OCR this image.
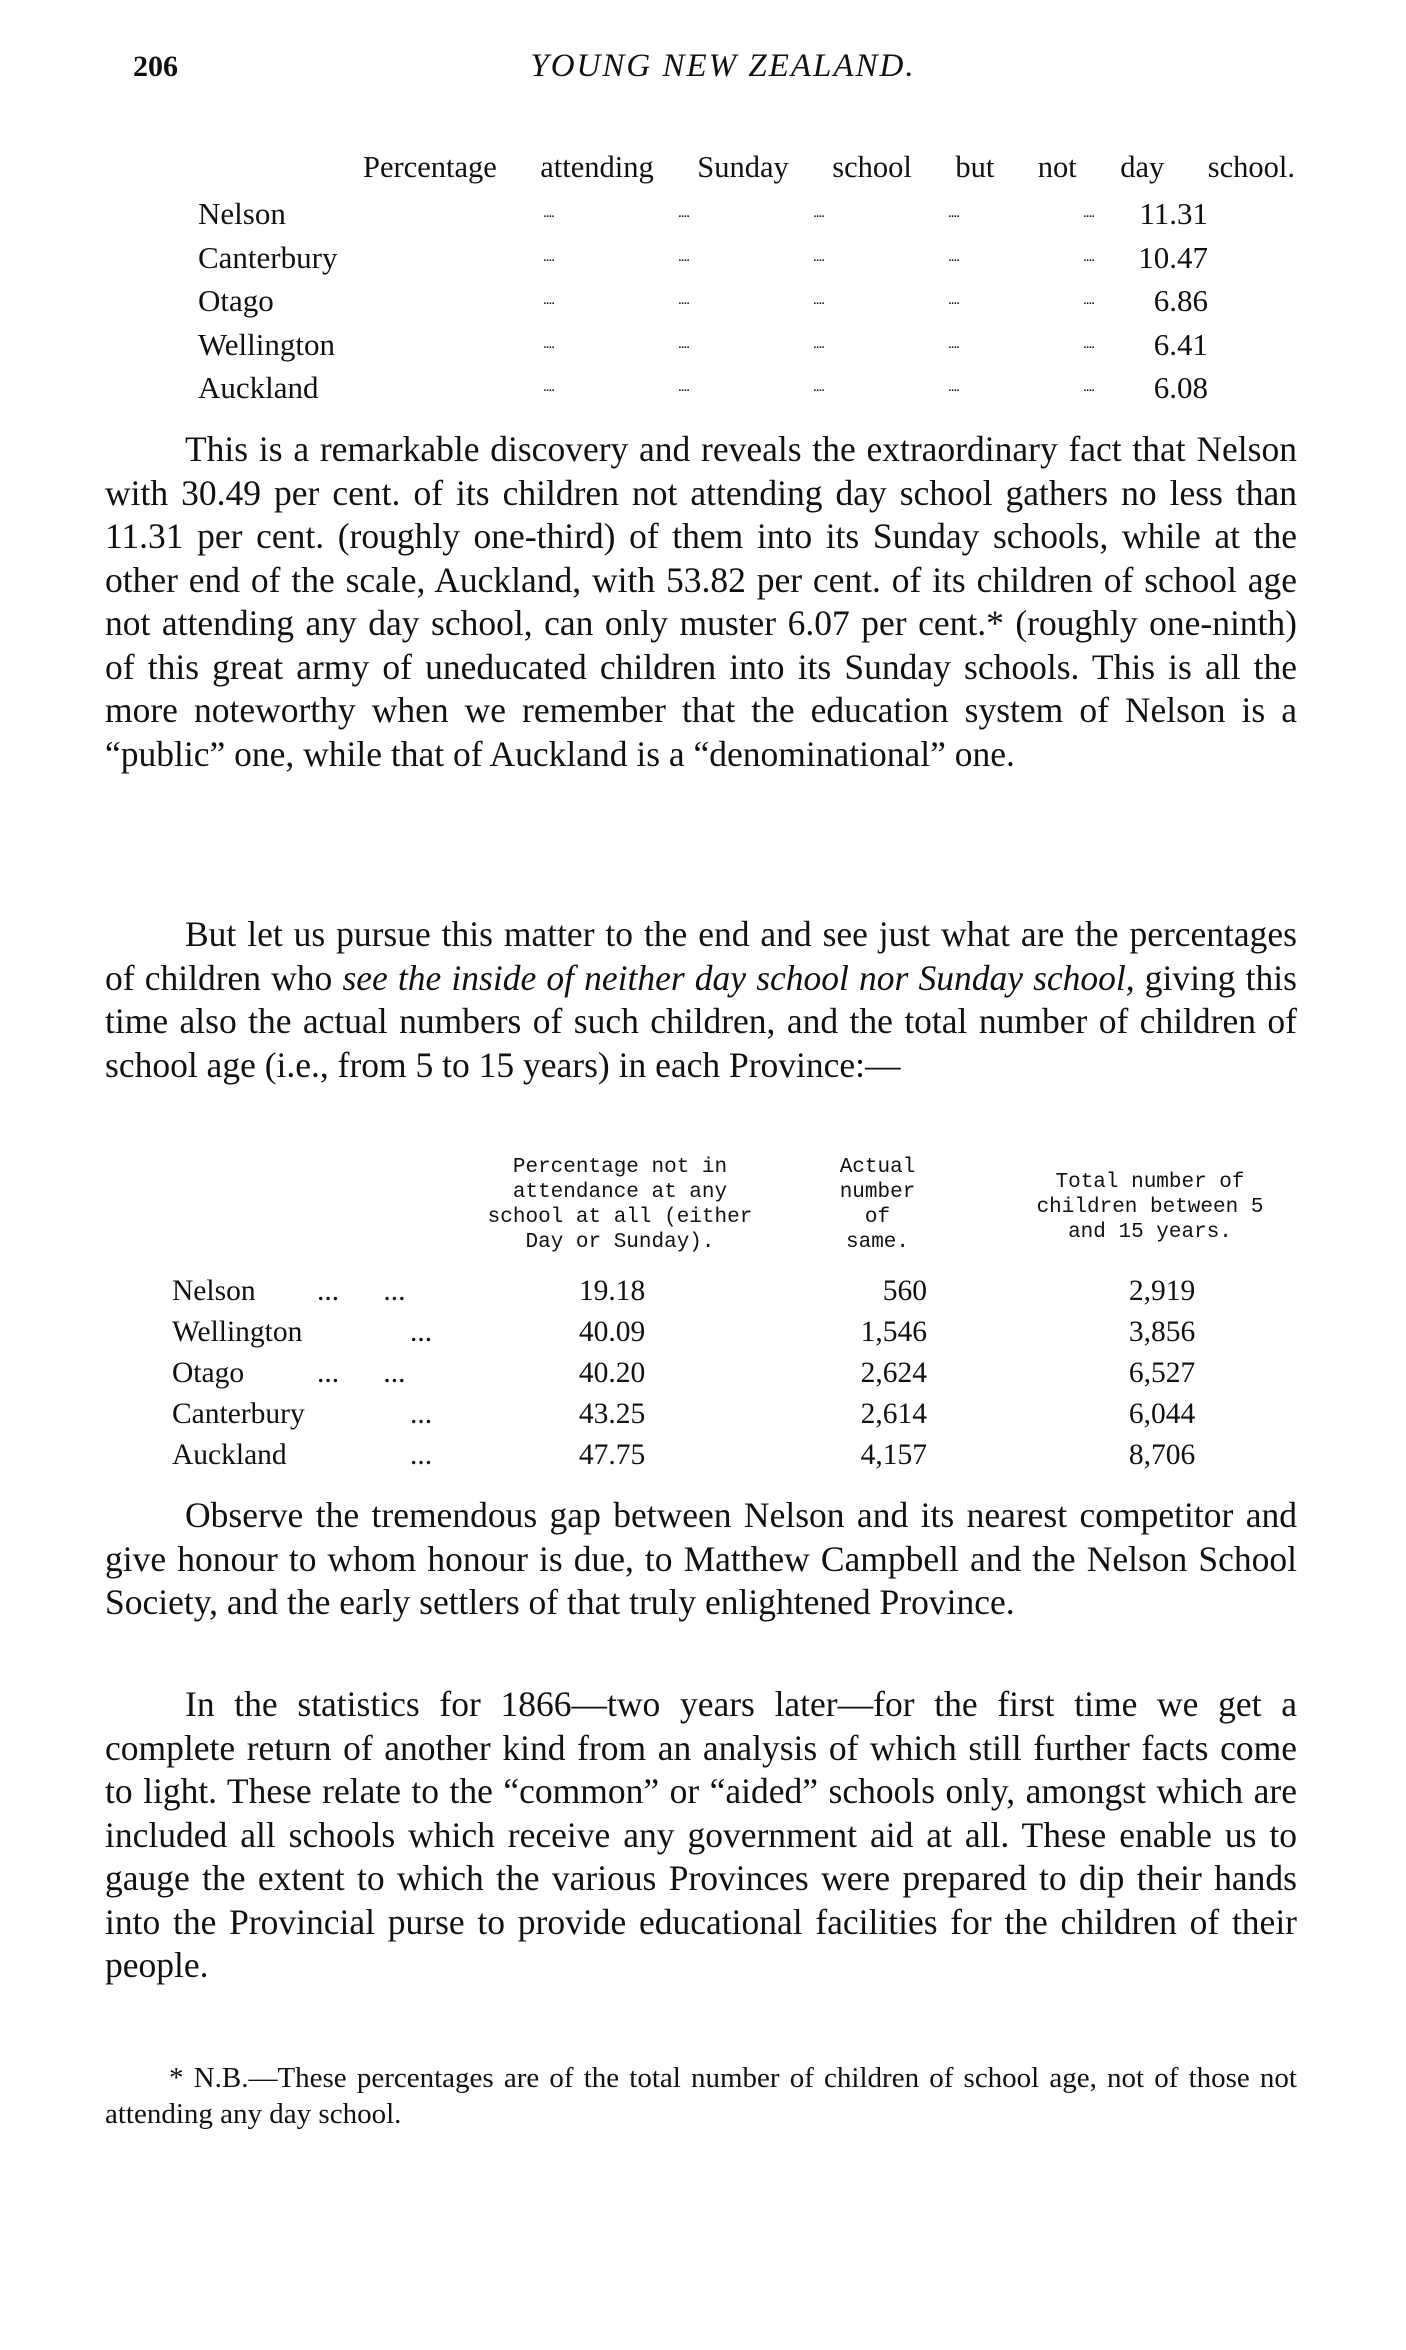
206	YOUNG NEW ZEALAND.
Percentage attending Sunday school but not day school.
Nelson	....	....	....	....	....	11.31
Canterbury	....	....	....	....	....	10.47
Otago	....	....	....	....	....	6.86
Wellington	....	....	....	....	....	6.41
Auckland	....	....	....	....	....	6.08
This is a remarkable discovery and reveals the extraordinary fact that Nelson with 30.49 per cent. of its children not attending day school gathers no less than 11.31 per cent. (roughly one-third) of them into its Sunday schools, while at the other end of the scale, Auckland, with 53.82 per cent. of its children of school age not attending any day school, can only muster 6.07 per cent.* (roughly one-ninth) of this great army of uneducated children into its Sunday schools. This is all the more noteworthy when we remember that the education system of Nelson is a “public” one, while that of Auckland is a “denominational” one.
But let us pursue this matter to the end and see just what are the percentages of children who see the inside of neither day school nor Sunday school, giving this time also the actual numbers of such children, and the total number of children of school age (i.e., from 5 to 15 years) in each Province:—
Percentage not in
attendance at any
school at all (either
Day or Sunday).
Actual
number
of
same.
Total number of
children between 5
and 15 years.
Nelson ...      ...	19.18	560	2,919
Wellington	...	40.09	1,546	3,856
Otago ...      ...	40.20	2,624	6,527
Canterbury	...	43.25	2,614	6,044
Auckland	...	47.75	4,157	8,706
Observe the tremendous gap between Nelson and its nearest competitor and give honour to whom honour is due, to Matthew Campbell and the Nelson School Society, and the early settlers of that truly enlightened Province.
In the statistics for 1866—two years later—for the first time we get a complete return of another kind from an analysis of which still further facts come to light. These relate to the “common” or “aided” schools only, amongst which are included all schools which receive any government aid at all. These enable us to gauge the extent to which the various Provinces were prepared to dip their hands into the Provincial purse to provide educational facilities for the children of their people.
* N.B.—These percentages are of the total number of children of school age, not of those not attending any day school.
